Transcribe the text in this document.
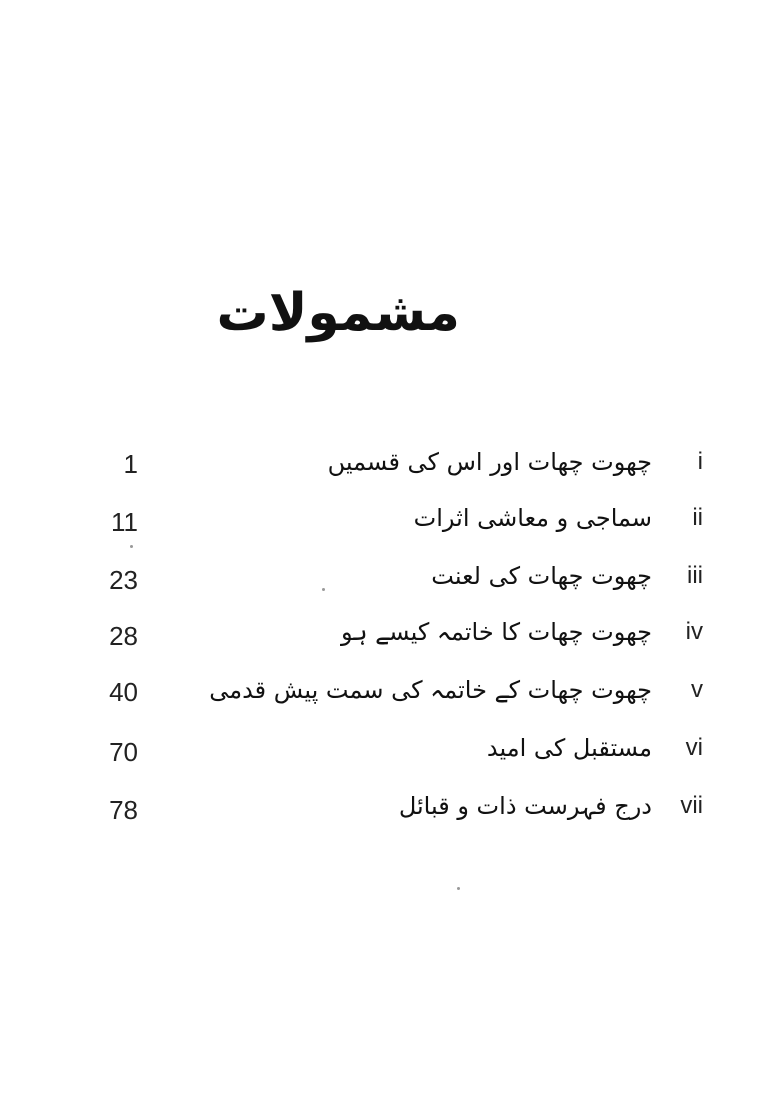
مشمولات
i
چھوت چھات اور اس کی قسمیں
1
ii
سماجی و معاشی اثرات
11
iii
چھوت چھات کی لعنت
23
iv
چھوت چھات کا خاتمہ کیسے ہو
28
v
چھوت چھات کے خاتمہ کی سمت پیش قدمی
40
vi
مستقبل کی امید
70
vii
درج فہرست ذات و قبائل
78
